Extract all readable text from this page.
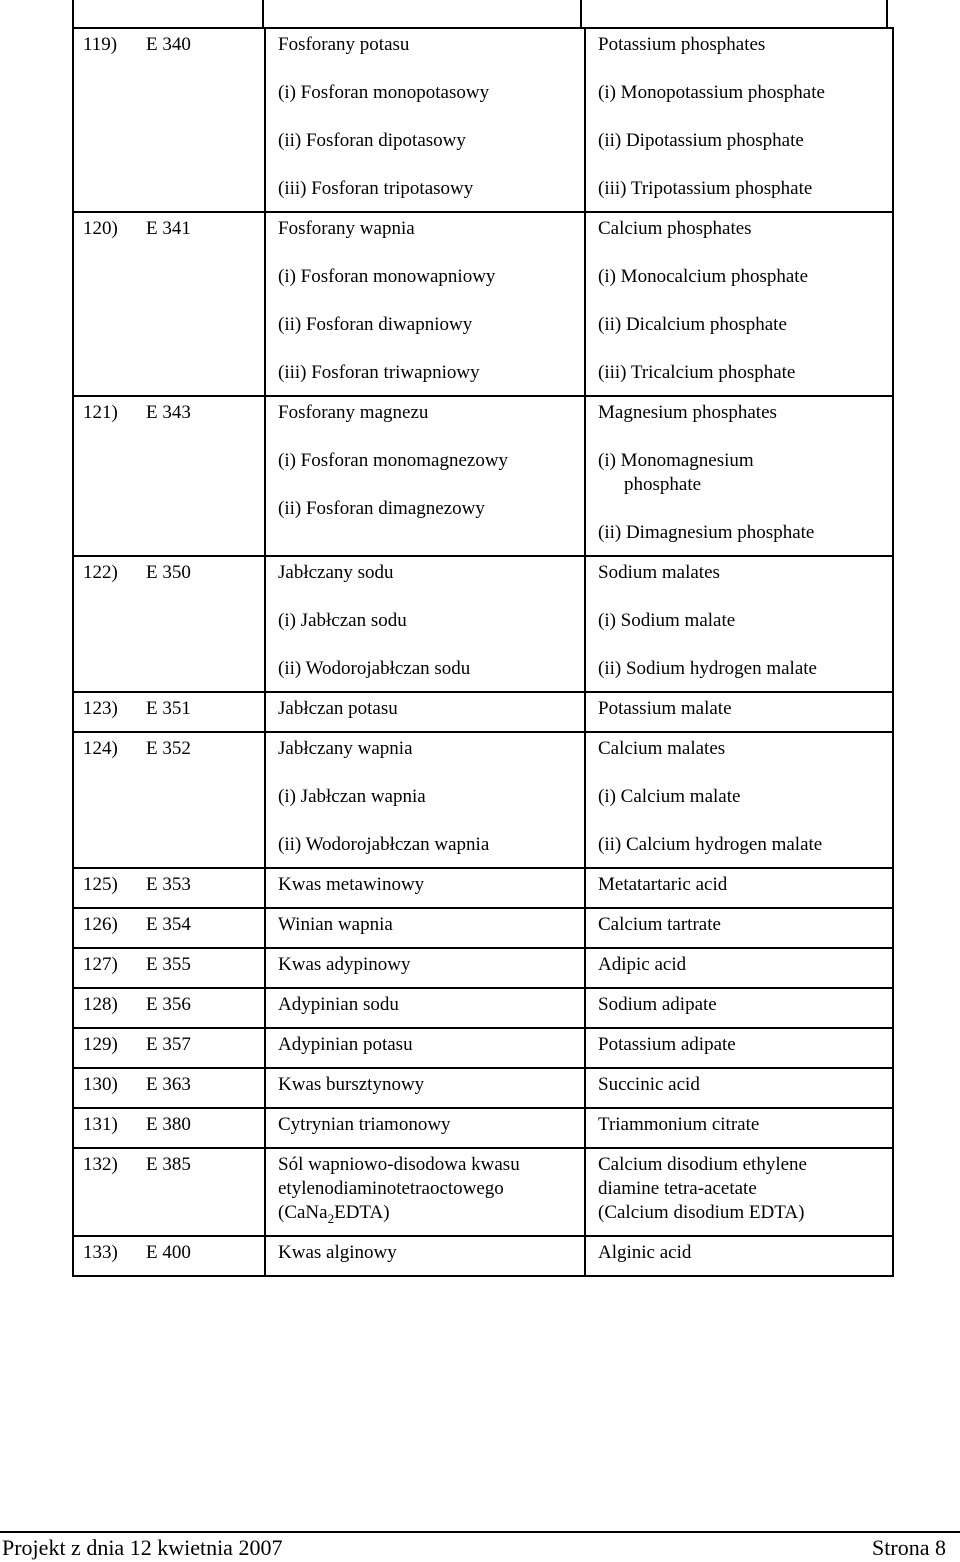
119) E 340	Fosforany potasu
(i) Fosforan monopotasowy
(ii) Fosforan dipotasowy
(iii) Fosforan tripotasowy	Potassium phosphates
(i) Monopotassium phosphate
(ii) Dipotassium phosphate
(iii) Tripotassium phosphate

120) E 341	Fosforany wapnia
(i) Fosforan monowapniowy
(ii) Fosforan diwapniowy
(iii) Fosforan triwapniowy	Calcium phosphates
(i) Monocalcium phosphate
(ii) Dicalcium phosphate
(iii) Tricalcium phosphate

121) E 343	Fosforany magnezu
(i) Fosforan monomagnezowy
(ii) Fosforan dimagnezowy	Magnesium phosphates
(i) Monomagnesium
phosphate
(ii) Dimagnesium phosphate

122) E 350	Jabłczany sodu
(i) Jabłczan sodu
(ii) Wodorojabłczan sodu	Sodium malates
(i) Sodium malate
(ii) Sodium hydrogen malate

123) E 351	Jabłczan potasu	Potassium malate

124) E 352	Jabłczany wapnia
(i) Jabłczan wapnia
(ii) Wodorojabłczan wapnia	Calcium malates
(i) Calcium malate
(ii) Calcium hydrogen malate

125) E 353	Kwas metawinowy	Metatartaric acid

126) E 354	Winian wapnia	Calcium tartrate

127) E 355	Kwas adypinowy	Adipic acid

128) E 356	Adypinian sodu	Sodium adipate

129) E 357	Adypinian potasu	Potassium adipate

130) E 363	Kwas bursztynowy	Succinic acid

131) E 380	Cytrynian triamonowy	Triammonium citrate

132) E 385	Sól wapniowo-disodowa kwasu
etylenodiaminotetraoctowego
(CaNa$_2$EDTA)	Calcium disodium ethylene
diamine tetra-acetate
(Calcium disodium EDTA)

133) E 400	Kwas alginowy	Alginic acid
Projekt z dnia 12 kwietnia 2007	Strona 8
